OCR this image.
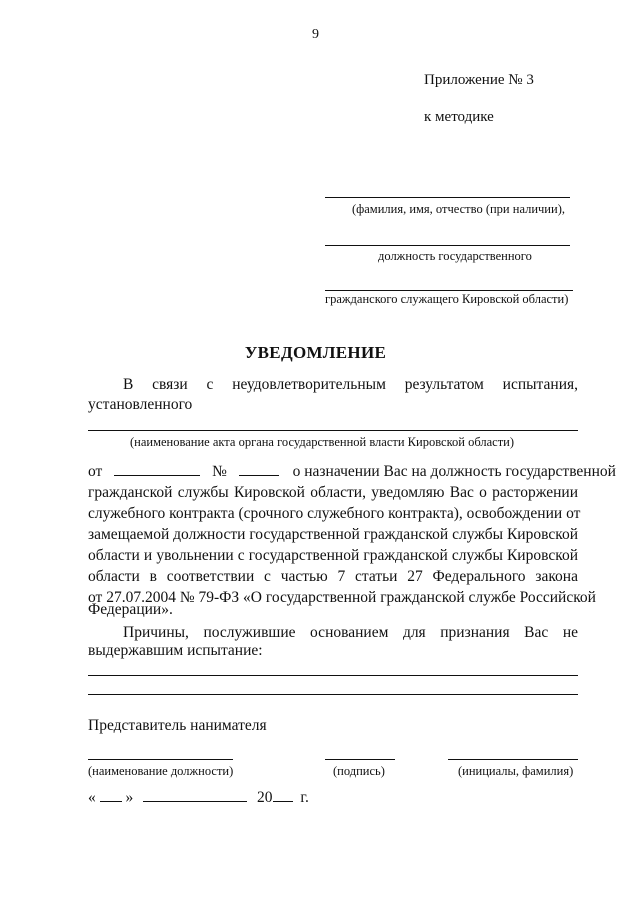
9
Приложение № 3
к методике
(фамилия, имя, отчество (при наличии),
должность государственного
гражданского служащего Кировской области)
УВЕДОМЛЕНИЕ
В связи с неудовлетворительным результатом испытания,
установленного
(наименование акта органа государственной власти Кировской области)
от	№	о назначении Вас на должность государственной
гражданской службы Кировской области, уведомляю Вас о расторжении
служебного контракта (срочного служебного контракта), освобождении от
замещаемой должности государственной гражданской службы Кировской
области и увольнении с государственной гражданской службы Кировской
области в соответствии с частью 7 статьи 27 Федерального закона
от 27.07.2004 № 79-ФЗ «О государственной гражданской службе Российской
Федерации».
Причины, послужившие основанием для признания Вас не
выдержавшим испытание:
Представитель нанимателя
(наименование должности)	(подпись)	(инициалы, фамилия)
« »	20 г.
